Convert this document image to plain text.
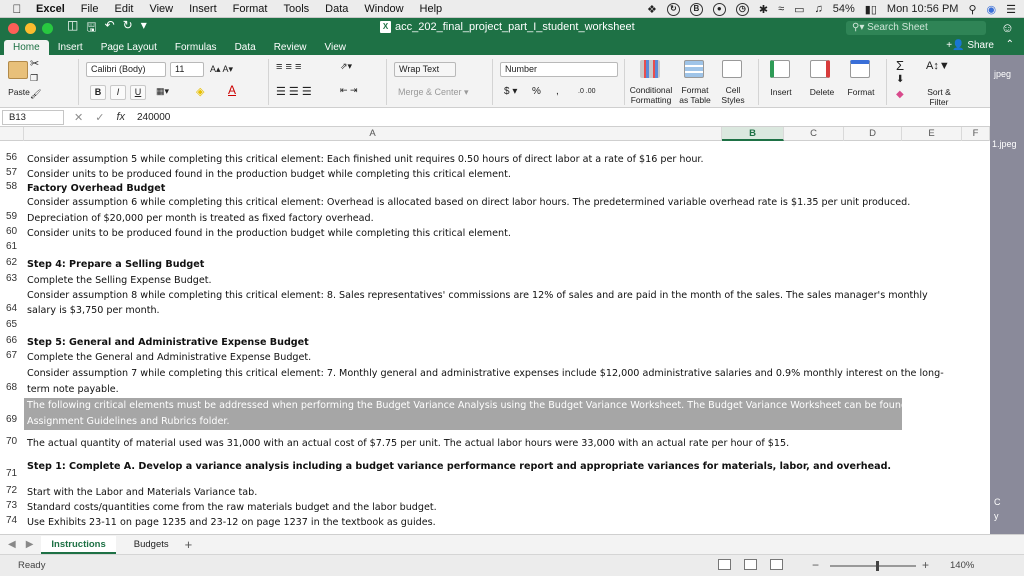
Excel	File	Edit	View	Insert	Format	Tools	Data	Window	Help	❖	↻	B	●	◷ ✱ ≈ ▭ ♫ 54% ▮▯ Mon 10:56 PM ⚲ ◉ ☰
◫ 🖫 ↶ ↻ ▾	X acc_202_final_project_part_I_student_worksheet	⚲▾ Search Sheet	☺
Home	Insert	Page Layout	Formulas	Data	Review	View	+👤 Share ⌃
✂
❐
🖌
Paste
Calibri (Body)	11	A▴ A▾
B	I	U	▦▾ ◈ A
≡ ≡ ≡	⇗▾
☰ ☰ ☰	⇤ ⇥
Wrap Text
Merge & Center ▾
Number
$ ▾ % ,	.0 .00	Conditional Formatting
Format as Table
Cell Styles
Insert	Delete	Format
Σ
⬇
◆
A↕▼
Sort & Filter
B13	✕ ✓ fx 240000
A	B	C	D	E	F
56	Consider assumption 5 while completing this critical element: Each finished unit requires 0.50 hours of direct labor at a rate of $16 per hour.
57	Consider units to be produced found in the production budget while completing this critical element.
58	Factory Overhead Budget
Consider assumption 6 while completing this critical element: Overhead is allocated based on direct labor hours. The predetermined variable overhead rate is $1.35 per unit produced.
59	Depreciation of $20,000 per month is treated as fixed factory overhead.
60	Consider units to be produced found in the production budget while completing this critical element.
61
62	Step 4: Prepare a Selling Budget
63	Complete the Selling Expense Budget.
Consider assumption 8 while completing this critical element: 8. Sales representatives' commissions are 12% of sales and are paid in the month of the sales. The sales manager's monthly
64	salary is $3,750 per month.
65
66	Step 5: General and Administrative Expense Budget
67	Complete the General and Administrative Expense Budget.
Consider assumption 7 while completing this critical element: 7. Monthly general and administrative expenses include $12,000 administrative salaries and 0.9% monthly interest on the long-
68	term note payable.
The following critical elements must be addressed when performing the Budget Variance Analysis using the Budget Variance Worksheet. The Budget Variance Worksheet can be found in the
69	Assignment Guidelines and Rubrics folder.
70	The actual quantity of material used was 31,000 with an actual cost of $7.75 per unit. The actual labor hours were 33,000 with an actual rate per hour of $15.
Step 1: Complete A. Develop a variance analysis including a budget variance performance report and appropriate variances for materials, labor, and overhead.
71
72	Start with the Labor and Materials Variance tab.
73	Standard costs/quantities come from the raw materials budget and the labor budget.
74	Use Exhibits 23-11 on page 1235 and 23-12 on page 1237 in the textbook as guides.
jpeg
1.jpeg
C
y
◀ ▶	Instructions	Budgets	+
Ready	−	+ 140%
